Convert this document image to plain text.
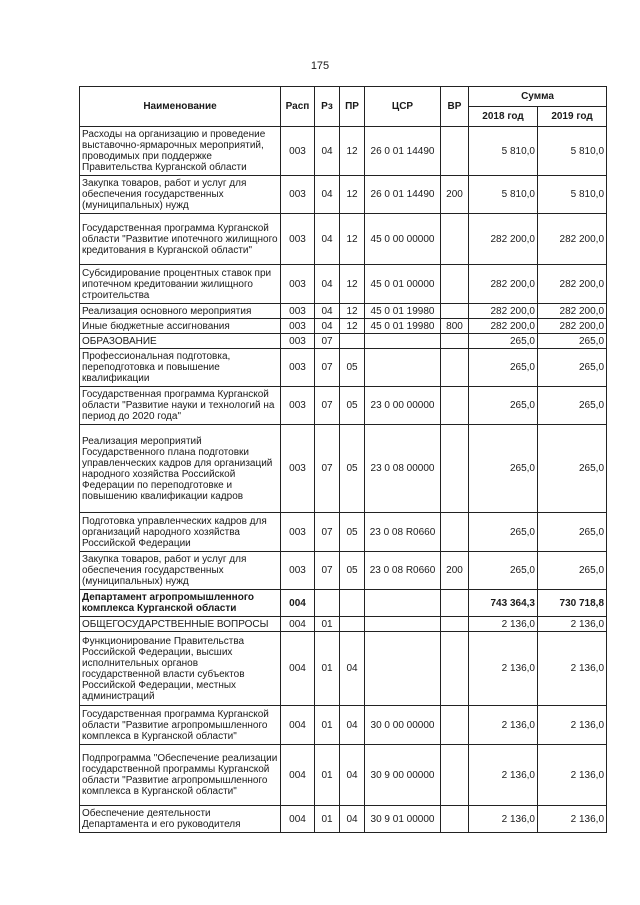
175
Наименование	Расп	Рз	ПР	ЦСР	ВР	Сумма	
						2018 год	2019 год
Расходы на организацию и проведение выставочно-ярмарочных мероприятий, проводимых при поддержке Правительства Курганской области	003	04	12	26 0 01 14490		5 810,0	5 810,0
Закупка товаров, работ и услуг для обеспечения государственных (муниципальных) нужд	003	04	12	26 0 01 14490	200	5 810,0	5 810,0
Государственная программа Курганской области "Развитие ипотечного жилищного кредитования в Курганской области"	003	04	12	45 0 00 00000		282 200,0	282 200,0
Субсидирование процентных ставок при ипотечном кредитовании жилищного строительства	003	04	12	45 0 01 00000		282 200,0	282 200,0
Реализация основного мероприятия	003	04	12	45 0 01 19980		282 200,0	282 200,0
Иные бюджетные ассигнования	003	04	12	45 0 01 19980	800	282 200,0	282 200,0
ОБРАЗОВАНИЕ	003	07				265,0	265,0
Профессиональная подготовка, переподготовка и повышение квалификации	003	07	05			265,0	265,0
Государственная программа Курганской области "Развитие науки и технологий на период до 2020 года"	003	07	05	23 0 00 00000		265,0	265,0
Реализация мероприятий Государственного плана подготовки управленческих кадров для организаций народного хозяйства Российской Федерации по переподготовке и повышению квалификации кадров	003	07	05	23 0 08 00000		265,0	265,0
Подготовка управленческих кадров для организаций народного хозяйства Российской Федерации	003	07	05	23 0 08 R0660		265,0	265,0
Закупка товаров, работ и услуг для обеспечения государственных (муниципальных) нужд	003	07	05	23 0 08 R0660	200	265,0	265,0
Департамент агропромышленного комплекса Курганской области	004					743 364,3	730 718,8
ОБЩЕГОСУДАРСТВЕННЫЕ ВОПРОСЫ	004	01				2 136,0	2 136,0
Функционирование Правительства Российской Федерации, высших исполнительных органов государственной власти субъектов Российской Федерации, местных администраций	004	01	04			2 136,0	2 136,0
Государственная программа Курганской области "Развитие агропромышленного комплекса в Курганской области"	004	01	04	30 0 00 00000		2 136,0	2 136,0
Подпрограмма "Обеспечение реализации государственной программы Курганской области "Развитие агропромышленного комплекса в Курганской области"	004	01	04	30 9 00 00000		2 136,0	2 136,0
Обеспечение деятельности Департамента и его руководителя	004	01	04	30 9 01 00000		2 136,0	2 136,0
